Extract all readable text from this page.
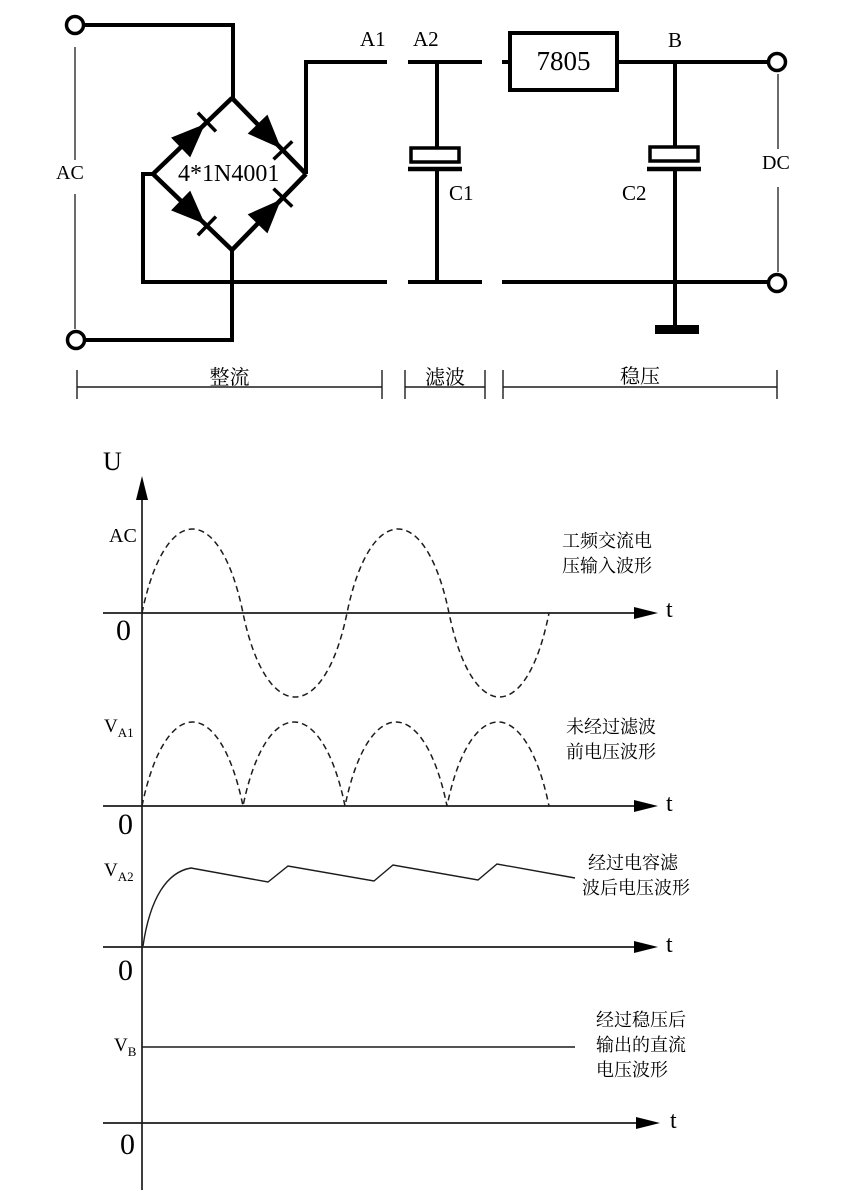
AC	DC
A1 A2	B
C1	C2
4*1N4001
7805
整流	滤波	稳压
U
AC
$V_{A1}$
$V_{A2}$
$V_B$
0
0
0
0
t
t
t
t
工频交流电
压输入波形
未经过滤波
前电压波形
经过电容滤
波后电压波形
经过稳压后
输出的直流
电压波形
